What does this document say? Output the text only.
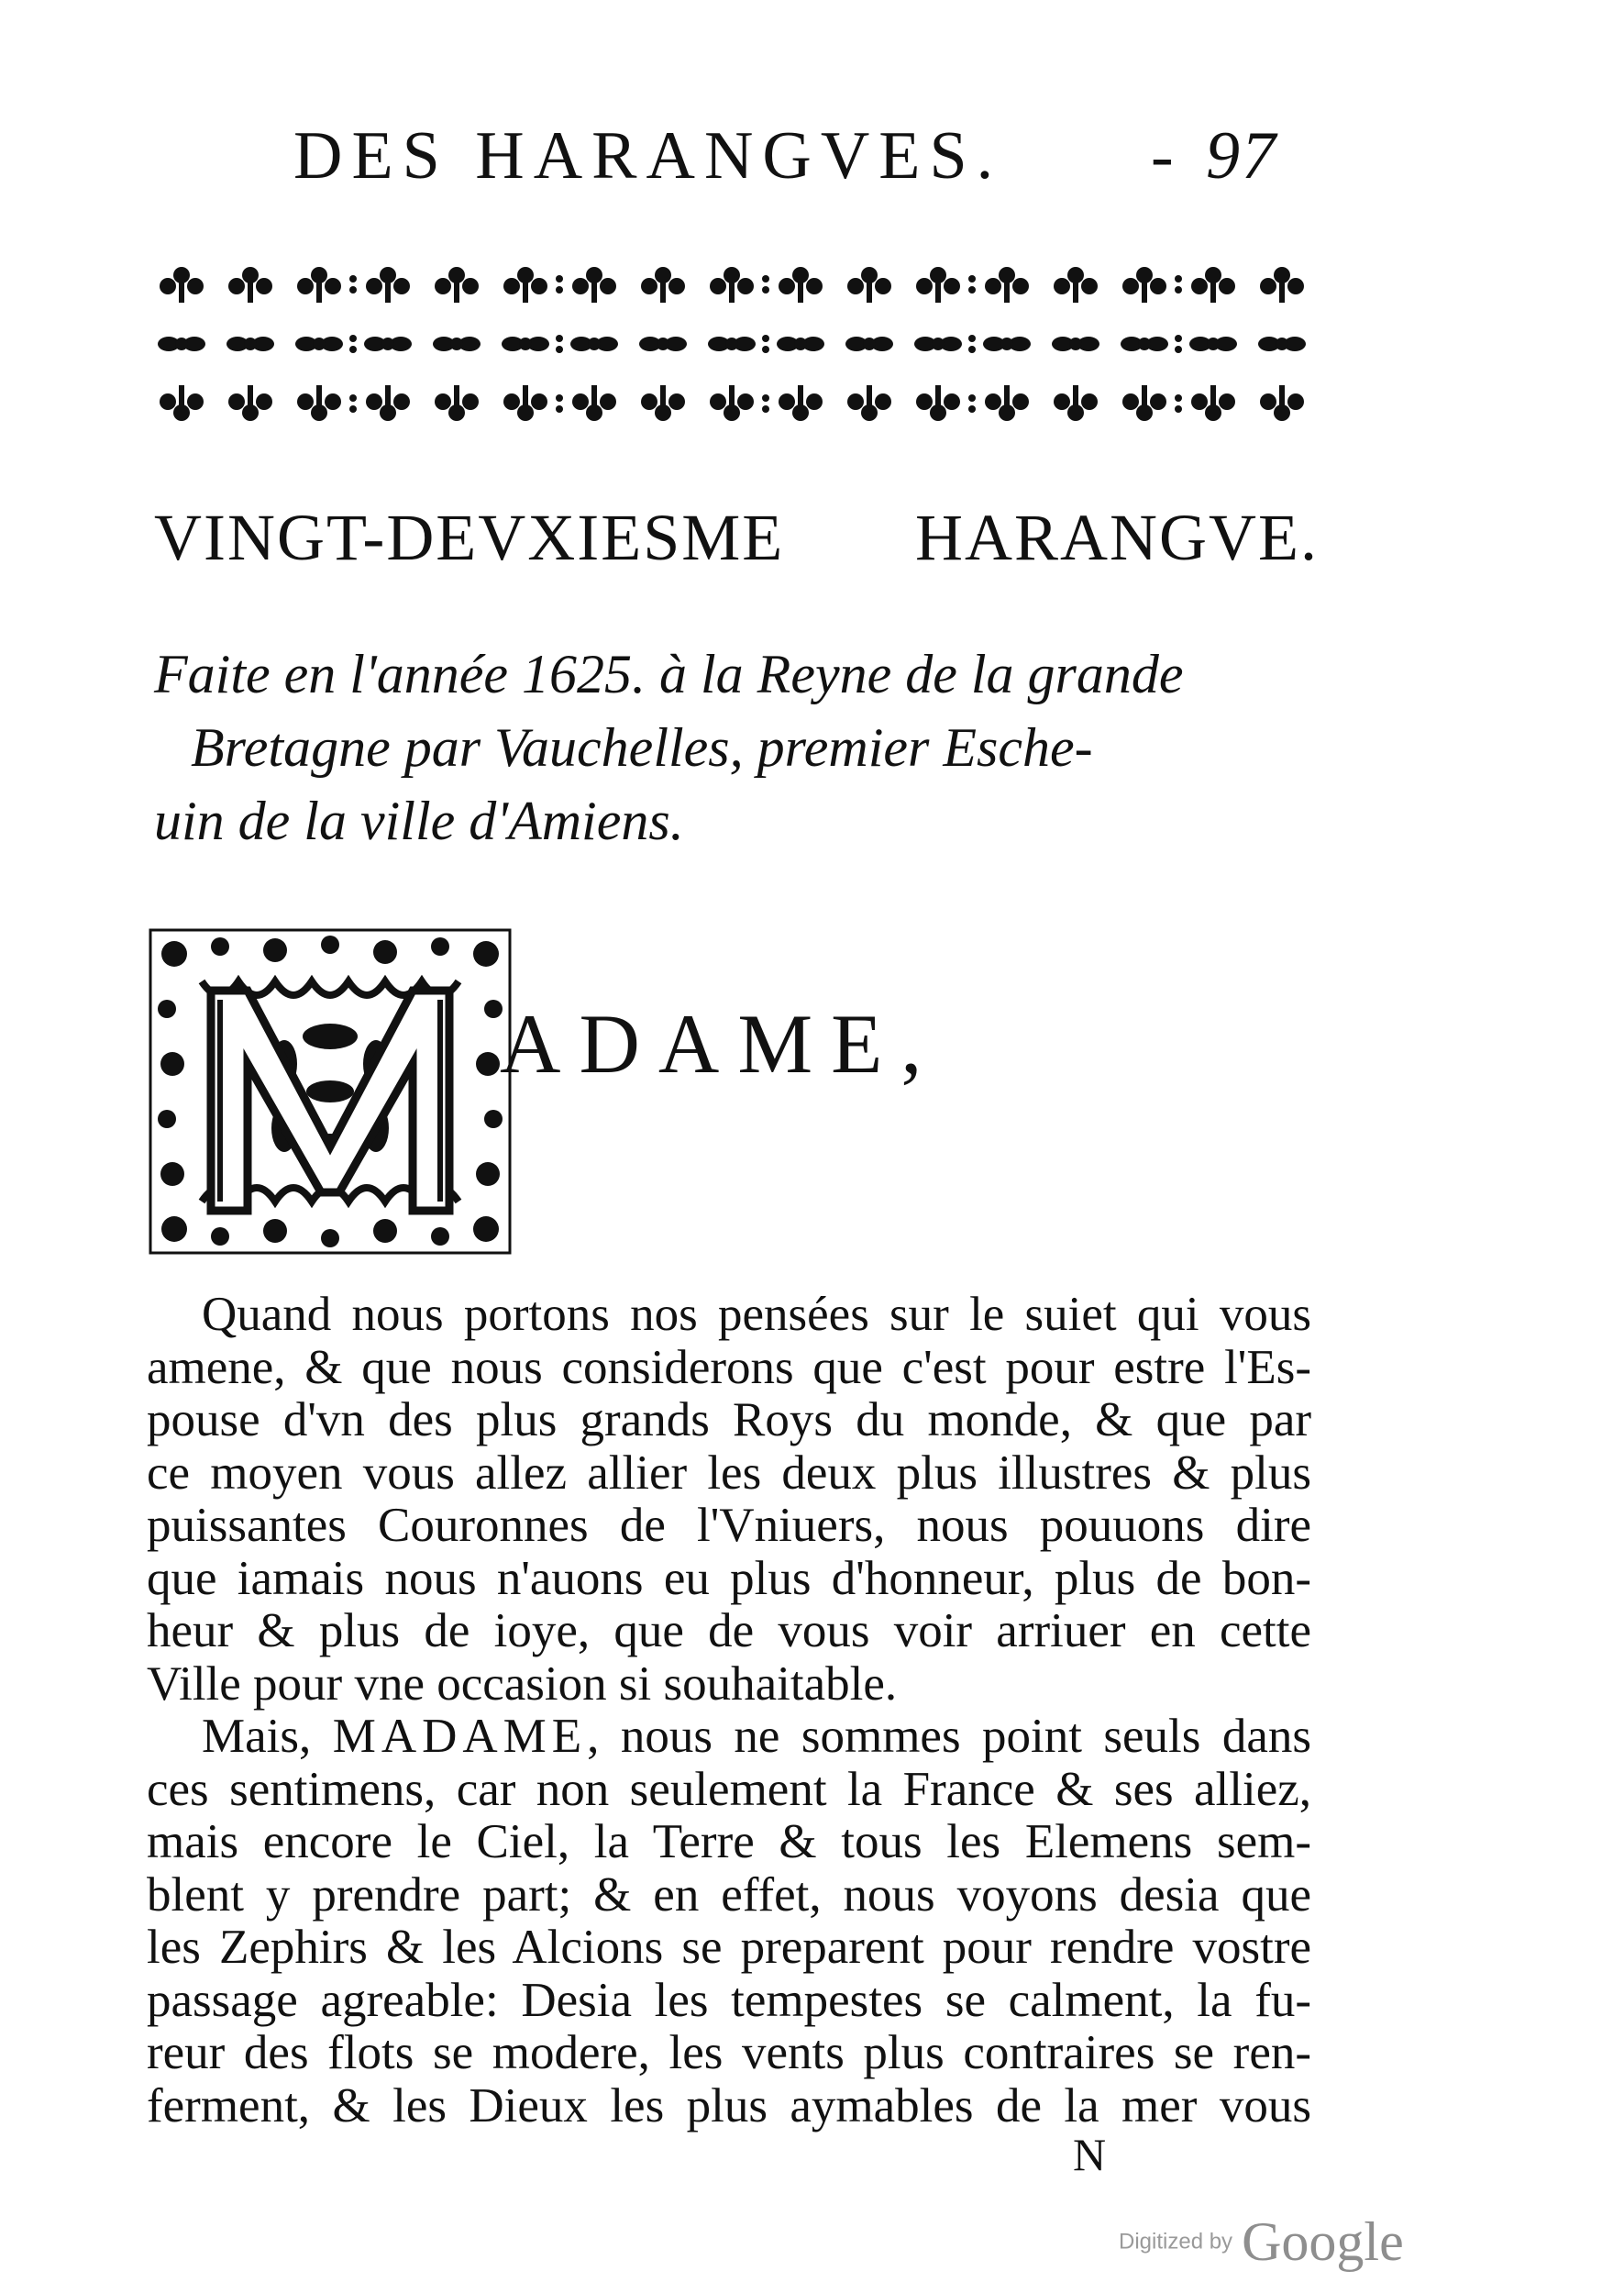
DES HARANGVES. - 97
VINGT-DEVXIESME HARANGVE.
Faite en l'année 1625. à la Reyne de la grande
Bretagne par Vauchelles, premier Esche-
uin de la ville d'Amiens.
ADAME,
Quand nous portons nos pensées sur le suiet qui vous
amene, & que nous considerons que c'est pour estre l'Es-
pouse d'vn des plus grands Roys du monde, & que par
ce moyen vous allez allier les deux plus illustres & plus
puissantes Couronnes de l'Vniuers, nous pouuons dire
que iamais nous n'auons eu plus d'honneur, plus de bon-
heur & plus de ioye, que de vous voir arriuer en cette
Ville pour vne occasion si souhaitable.
Mais, MADAME, nous ne sommes point seuls dans
ces sentimens, car non seulement la France & ses alliez,
mais encore le Ciel, la Terre & tous les Elemens sem-
blent y prendre part; & en effet, nous voyons desia que
les Zephirs & les Alcions se preparent pour rendre vostre
passage agreable: Desia les tempestes se calment, la fu-
reur des flots se modere, les vents plus contraires se ren-
ferment, & les Dieux les plus aymables de la mer vous
N
Digitized by Google
